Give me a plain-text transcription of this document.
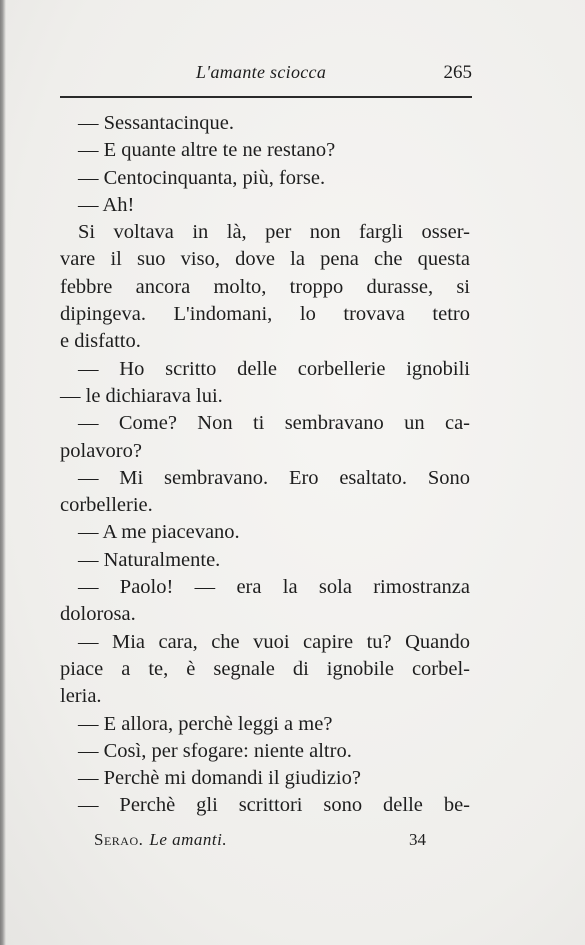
L'amante sciocca	265
— Sessantacinque.
— E quante altre te ne restano?
— Centocinquanta, più, forse.
— Ah!
Si voltava in là, per non fargli osser-
vare il suo viso, dove la pena che questa
febbre ancora molto, troppo durasse, si
dipingeva. L'indomani, lo trovava tetro
e disfatto.
— Ho scritto delle corbellerie ignobili
— le dichiarava lui.
— Come? Non ti sembravano un ca-
polavoro?
— Mi sembravano. Ero esaltato. Sono
corbellerie.
— A me piacevano.
— Naturalmente.
— Paolo! — era la sola rimostranza
dolorosa.
— Mia cara, che vuoi capire tu? Quando
piace a te, è segnale di ignobile corbel-
leria.
— E allora, perchè leggi a me?
— Così, per sfogare: niente altro.
— Perchè mi domandi il giudizio?
— Perchè gli scrittori sono delle be-
Serao. Le amanti.	34
